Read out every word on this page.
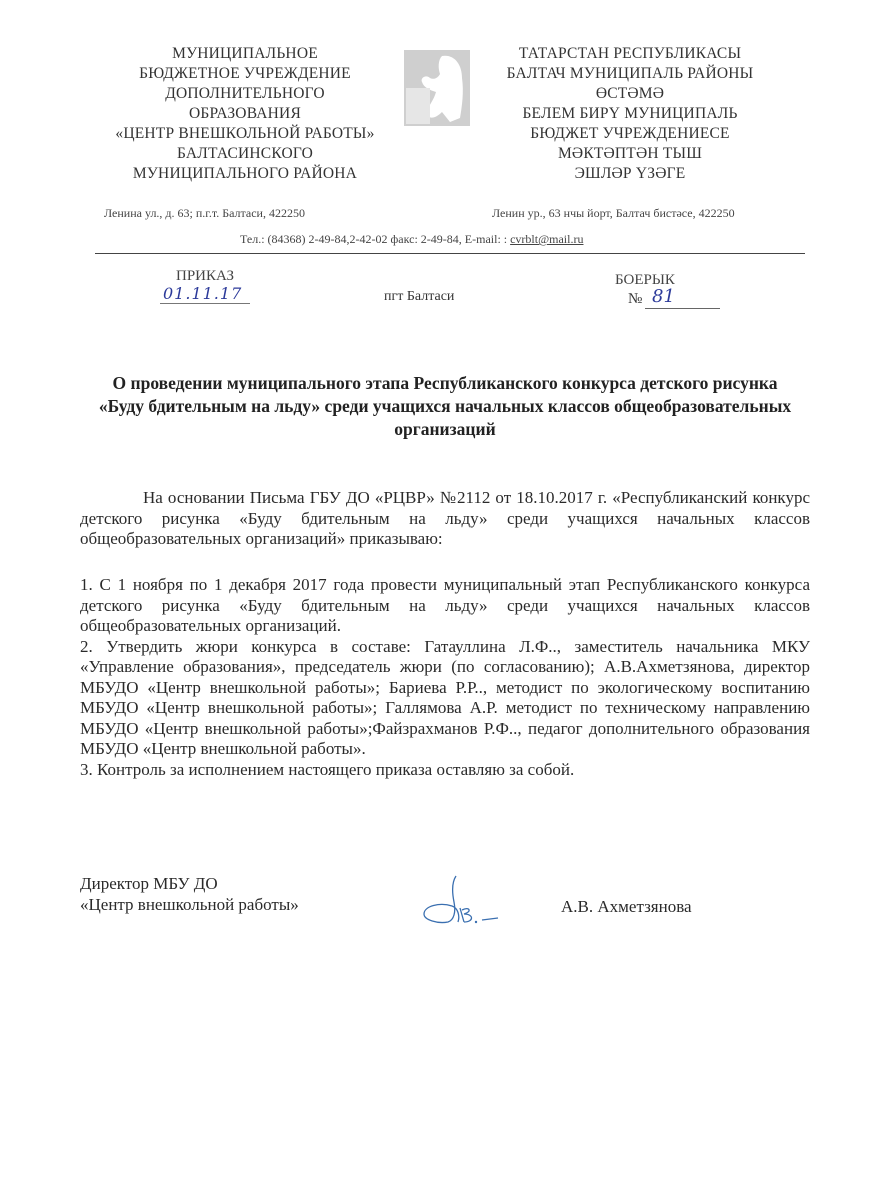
МУНИЦИПАЛЬНОЕ
БЮДЖЕТНОЕ УЧРЕЖДЕНИЕ
ДОПОЛНИТЕЛЬНОГО
ОБРАЗОВАНИЯ
«ЦЕНТР ВНЕШКОЛЬНОЙ РАБОТЫ»
БАЛТАСИНСКОГО
МУНИЦИПАЛЬНОГО РАЙОНА
ТАТАРСТАН РЕСПУБЛИКАСЫ
БАЛТАЧ МУНИЦИПАЛЬ РАЙОНЫ
ӨСТӘМӘ
БЕЛЕМ БИРҮ МУНИЦИПАЛЬ
БЮДЖЕТ УЧРЕЖДЕНИЕСЕ
МӘКТӘПТӘН ТЫШ
ЭШЛӘР ҮЗӘГЕ
Ленина ул., д. 63; п.г.т. Балтаси, 422250	Ленин ур., 63 нчы йорт, Балтач бистәсе, 422250
Тел.: (84368) 2-49-84,2-42-02 факс: 2-49-84, E-mail: : cvrblt@mail.ru
ПРИКАЗ
01.11.17	пгт Балтаси
БОЕРЫК
№ 81
О проведении муниципального этапа Республиканского конкурса детского рисунка «Буду бдительным на льду» среди учащихся начальных классов общеобразовательных организаций
На основании Письма ГБУ ДО «РЦВР» №2112 от 18.10.2017 г. «Республиканский конкурс детского рисунка «Буду бдительным на льду» среди учащихся начальных классов общеобразовательных организаций» приказываю:

1. С 1 ноября по 1 декабря 2017 года провести муниципальный этап Республиканского конкурса детского рисунка «Буду бдительным на льду» среди учащихся начальных классов общеобразовательных организаций.

2. Утвердить жюри конкурса в составе: Гатауллина Л.Ф.., заместитель начальника МКУ «Управление образования», председатель жюри (по согласованию); А.В.Ахметзянова, директор МБУДО «Центр внешкольной работы»; Бариева Р.Р.., методист по экологическому воспитанию МБУДО «Центр внешкольной работы»; Галлямова А.Р. методист по техническому направлению МБУДО «Центр внешкольной работы»;Файзрахманов Р.Ф.., педагог дополнительного образования МБУДО «Центр внешкольной работы».

3. Контроль за исполнением настоящего приказа оставляю за собой.

Директор МБУ ДО
«Центр внешкольной работы»	А.В. Ахметзянова
